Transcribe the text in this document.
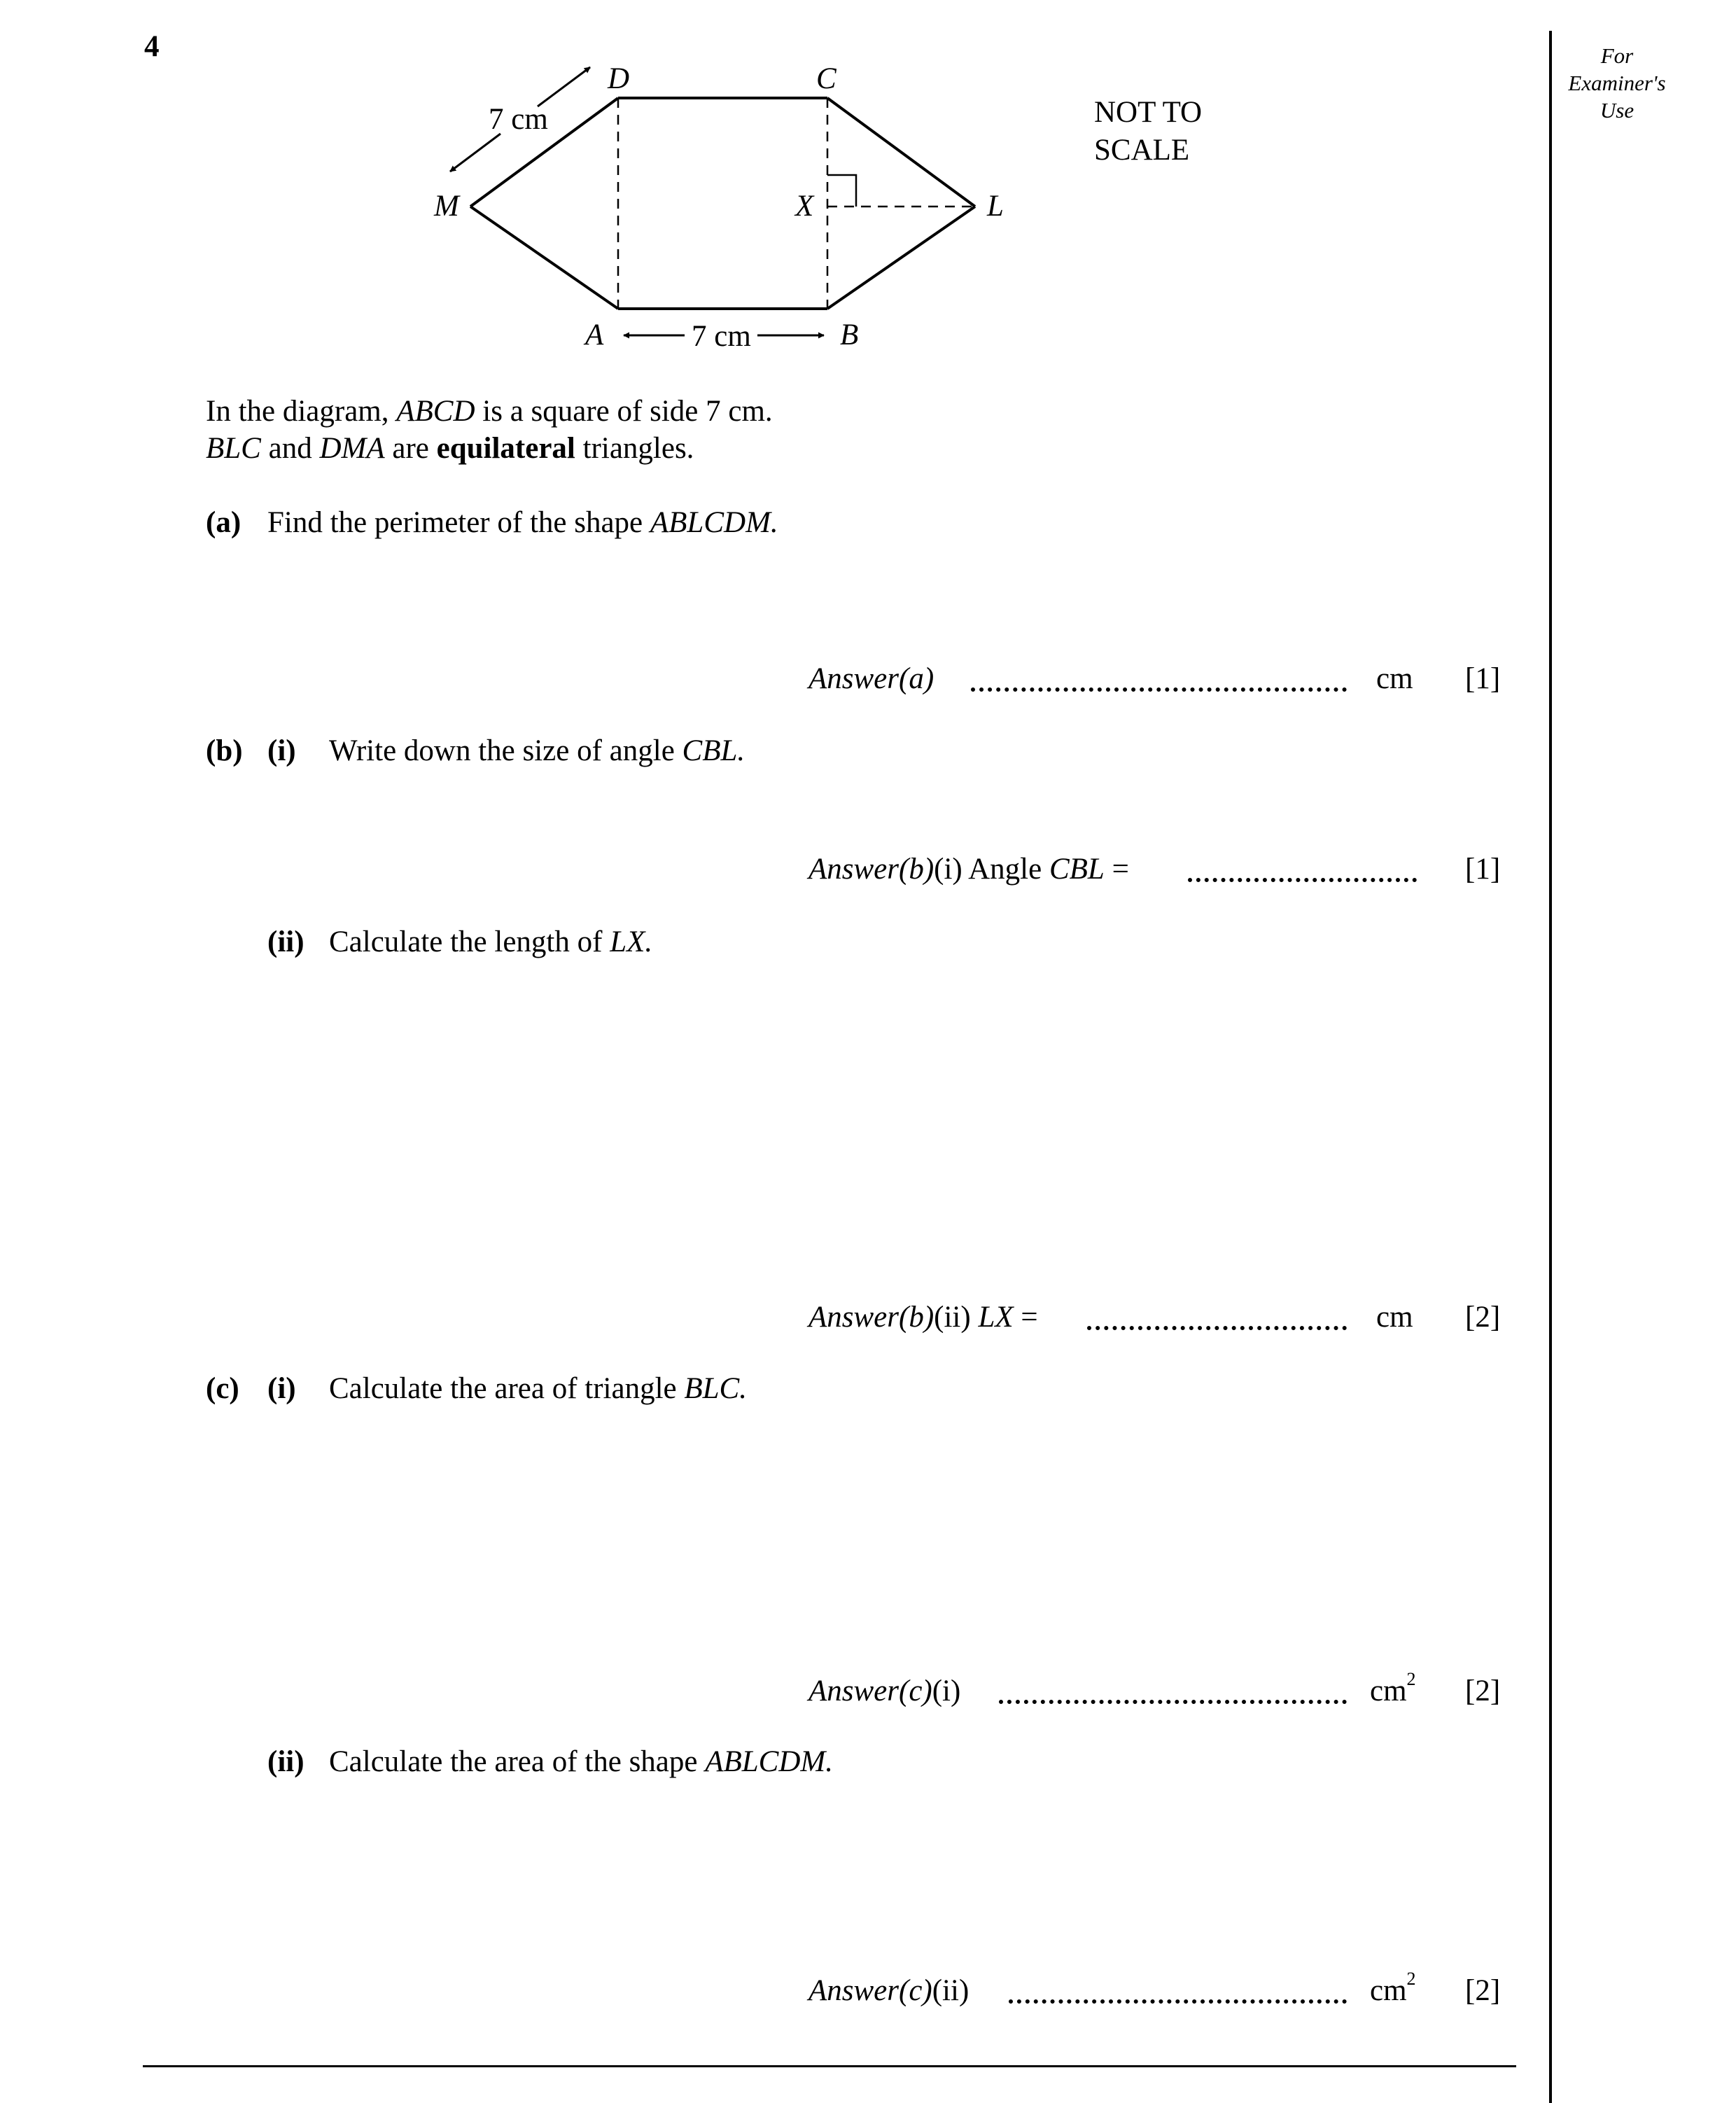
4	For
Examiner's
Use
D	C
M	X	L
A	B
7 cm
7 cm
NOT TO
SCALE
In the diagram, ABCD is a square of side 7 cm.
BLC and DMA are equilateral triangles.
(a) Find the perimeter of the shape ABLCDM.
Answer(a)	cm [1]
(b) (i) Write down the size of angle CBL.
Answer(b)(i) Angle CBL =	[1]
(ii) Calculate the length of LX.
Answer(b)(ii) LX =	cm [2]
(c) (i) Calculate the area of triangle BLC.
Answer(c)(i)	$cm^2$ [2]
(ii) Calculate the area of the shape ABLCDM.
Answer(c)(ii)	$cm^2$ [2]
